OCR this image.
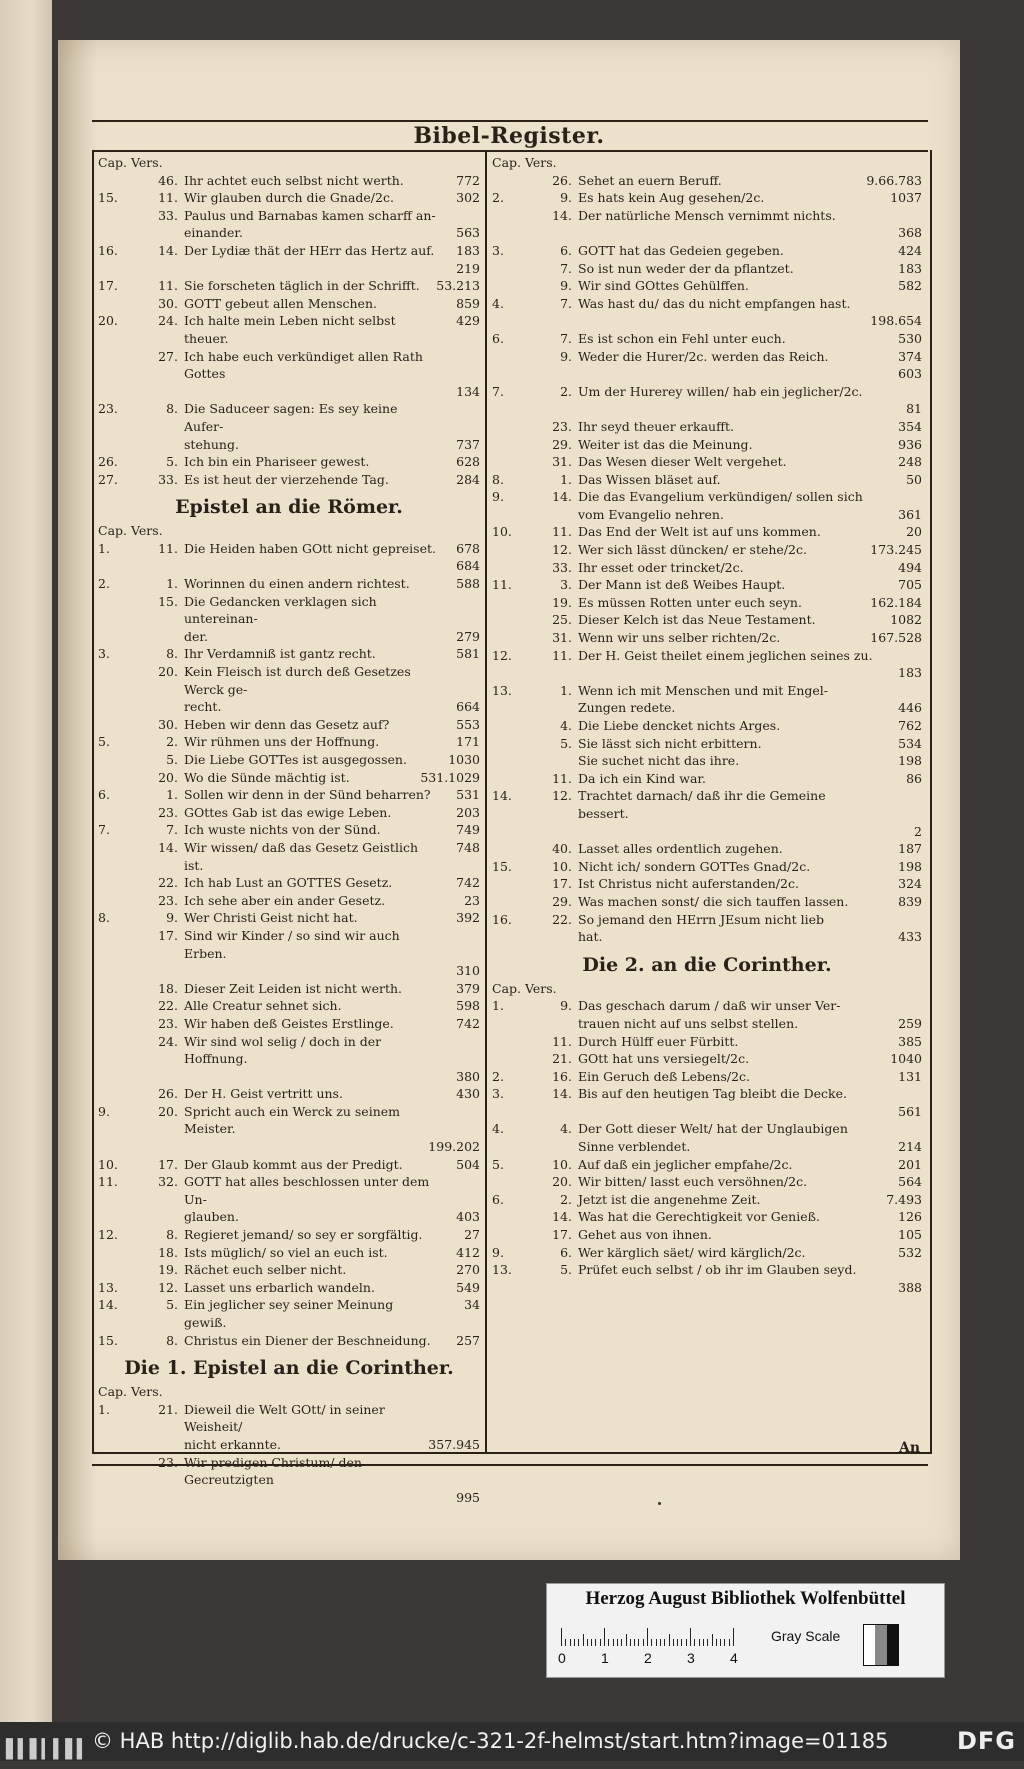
Bibel-Register.
Cap. Vers.
46. Ihr achtet euch selbst nicht werth.	772
15.	11. Wir glauben durch die Gnade/2c.	302
33. Paulus und Barnabas kamen scharff an-
einander.	563
16.	14. Der Lydiæ thät der HErr das Hertz auf.	183
219
17.	11. Sie forscheten täglich in der Schrifft.	53.213
30. GOTT gebeut allen Menschen.	859
20.	24. Ich halte mein Leben nicht selbst theuer.
429
27. Ich habe euch verkündiget allen Rath Gottes
134
23.	8. Die Saduceer sagen: Es sey keine Aufer-
stehung.	737
26.	5. Ich bin ein Phariseer gewest.	628
27.	33. Es ist heut der vierzehende Tag.	284
Epistel an die Römer.
Cap. Vers.
1.	11. Die Heiden haben GOtt nicht gepreiset.	678
684
2.	1. Worinnen du einen andern richtest.	588
15. Die Gedancken verklagen sich untereinan-
der.	279
3.	8. Ihr Verdamniß ist gantz recht.	581
20. Kein Fleisch ist durch deß Gesetzes Werck ge-
recht.	664
30. Heben wir denn das Gesetz auf?	553
5.	2. Wir rühmen uns der Hoffnung.	171
5. Die Liebe GOTTes ist ausgegossen.	1030
20. Wo die Sünde mächtig ist.	531.1029
6.	1. Sollen wir denn in der Sünd beharren?	531
23. GOttes Gab ist das ewige Leben.	203
7.	7. Ich wuste nichts von der Sünd.	749
14. Wir wissen/ daß das Gesetz Geistlich ist.
748
22. Ich hab Lust an GOTTES Gesetz.	742
23. Ich sehe aber ein ander Gesetz.	23
8.	9. Wer Christi Geist nicht hat.	392
17. Sind wir Kinder / so sind wir auch Erben.
310
18. Dieser Zeit Leiden ist nicht werth.	379
22. Alle Creatur sehnet sich.	598
23. Wir haben deß Geistes Erstlinge.	742
24. Wir sind wol selig / doch in der Hoffnung.
380
26. Der H. Geist vertritt uns.	430
9.	20. Spricht auch ein Werck zu seinem Meister.
199.202
10.	17. Der Glaub kommt aus der Predigt.	504
11.	32. GOTT hat alles beschlossen unter dem Un-
glauben.	403
12.	8. Regieret jemand/ so sey er sorgfältig.	27
18. Ists müglich/ so viel an euch ist.	412
19. Rächet euch selber nicht.	270
13.	12. Lasset uns erbarlich wandeln.	549
14.	5. Ein jeglicher sey seiner Meinung gewiß.
34
15.	8. Christus ein Diener der Beschneidung.	257
Die 1. Epistel an die Corinther.
Cap. Vers.
1.	21. Dieweil die Welt GOtt/ in seiner Weisheit/
nicht erkannte.	357.945
23. Wir predigen Christum/ den Gecreutzigten
995
Cap. Vers.
26. Sehet an euern Beruff.	9.66.783
2.	9. Es hats kein Aug gesehen/2c.	1037
14. Der natürliche Mensch vernimmt nichts.
368
3.	6. GOTT hat das Gedeien gegeben.	424
7. So ist nun weder der da pflantzet.	183
9. Wir sind GOttes Gehülffen.	582
4.	7. Was hast du/ das du nicht empfangen hast.
198.654
6.	7. Es ist schon ein Fehl unter euch.	530
9. Weder die Hurer/2c. werden das Reich.	374
603
7.	2. Um der Hurerey willen/ hab ein jeglicher/2c.
81
23. Ihr seyd theuer erkaufft.	354
29. Weiter ist das die Meinung.	936
31. Das Wesen dieser Welt vergehet.	248
8.	1. Das Wissen bläset auf.	50
9.	14. Die das Evangelium verkündigen/ sollen sich
vom Evangelio nehren.	361
10.	11. Das End der Welt ist auf uns kommen.	20
12. Wer sich lässt düncken/ er stehe/2c.	173.245
33. Ihr esset oder trincket/2c.	494
11.	3. Der Mann ist deß Weibes Haupt.	705
19. Es müssen Rotten unter euch seyn.	162.184
25. Dieser Kelch ist das Neue Testament.	1082
31. Wenn wir uns selber richten/2c.	167.528
12.	11. Der H. Geist theilet einem jeglichen seines zu.
183
13.	1. Wenn ich mit Menschen und mit Engel-
Zungen redete.	446
4. Die Liebe dencket nichts Arges.	762
5. Sie lässt sich nicht erbittern.	534
Sie suchet nicht das ihre.	198
11. Da ich ein Kind war.	86
14.	12. Trachtet darnach/ daß ihr die Gemeine bessert.
2
40. Lasset alles ordentlich zugehen.	187
15.	10. Nicht ich/ sondern GOTTes Gnad/2c.	198
17. Ist Christus nicht auferstanden/2c.	324
29. Was machen sonst/ die sich tauffen lassen.	839
16.	22. So jemand den HErrn JEsum nicht lieb
hat.	433
Die 2. an die Corinther.
Cap. Vers.
1.	9. Das geschach darum / daß wir unser Ver-
trauen nicht auf uns selbst stellen.	259
11. Durch Hülff euer Fürbitt.	385
21. GOtt hat uns versiegelt/2c.	1040
2.	16. Ein Geruch deß Lebens/2c.	131
3.	14. Bis auf den heutigen Tag bleibt die Decke.
561
4.	4. Der Gott dieser Welt/ hat der Unglaubigen
Sinne verblendet.	214
5.	10. Auf daß ein jeglicher empfahe/2c.	201
20. Wir bitten/ lasst euch versöhnen/2c.	564
6.	2. Jetzt ist die angenehme Zeit.	7.493
14. Was hat die Gerechtigkeit vor Genieß.	126
17. Gehet aus von ihnen.	105
9.	6. Wer kärglich säet/ wird kärglich/2c.	532
13.	5. Prüfet euch selbst / ob ihr im Glauben seyd.
388
An
Herzog August Bibliothek Wolfenbüttel
0	1	2	3	4
Gray Scale
▌▍▌▎▍▌▍ © HAB http://diglib.hab.de/drucke/c-321-2f-helmst/start.htm?image=01185	DFG
